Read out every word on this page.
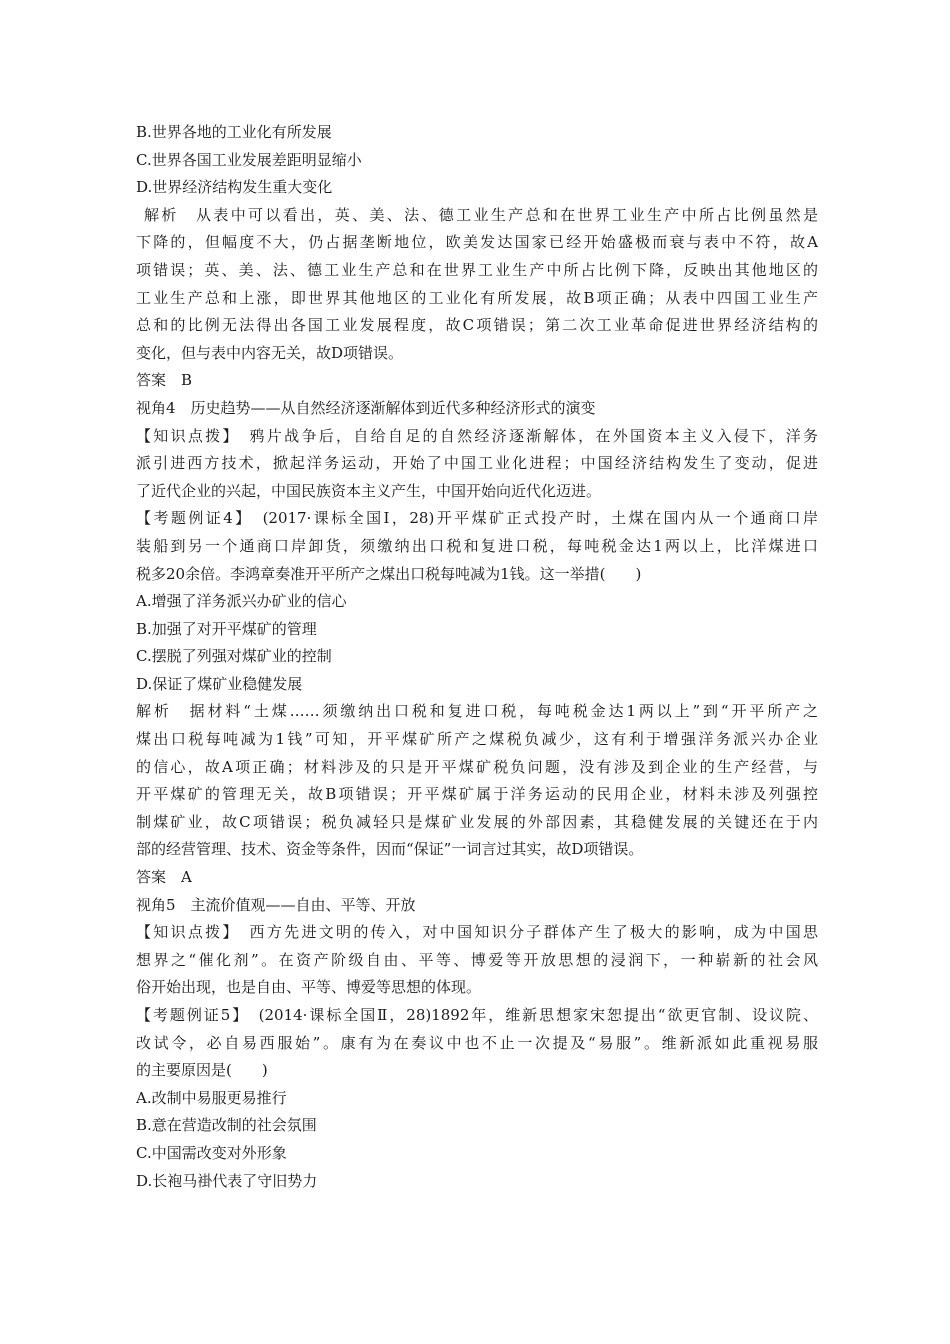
B.世界各地的工业化有所发展
C.世界各国工业发展差距明显缩小
D.世界经济结构发生重大变化
解析　从表中可以看出，英、美、法、德工业生产总和在世界工业生产中所占比例虽然是
下降的，但幅度不大，仍占据垄断地位，欧美发达国家已经开始盛极而衰与表中不符，故A
项错误；英、美、法、德工业生产总和在世界工业生产中所占比例下降，反映出其他地区的
工业生产总和上涨，即世界其他地区的工业化有所发展，故B项正确；从表中四国工业生产
总和的比例无法得出各国工业发展程度，故C项错误；第二次工业革命促进世界经济结构的
变化，但与表中内容无关，故D项错误。
答案　B
视角4　历史趋势——从自然经济逐渐解体到近代多种经济形式的演变
【知识点拨】　鸦片战争后，自给自足的自然经济逐渐解体，在外国资本主义入侵下，洋务
派引进西方技术，掀起洋务运动，开始了中国工业化进程；中国经济结构发生了变动，促进
了近代企业的兴起，中国民族资本主义产生，中国开始向近代化迈进。
【考题例证4】　(2017·课标全国Ⅰ，28)开平煤矿正式投产时，土煤在国内从一个通商口岸
装船到另一个通商口岸卸货，须缴纳出口税和复进口税，每吨税金达1两以上，比洋煤进口
税多20余倍。李鸿章奏准开平所产之煤出口税每吨减为1钱。这一举措(　　)
A.增强了洋务派兴办矿业的信心
B.加强了对开平煤矿的管理
C.摆脱了列强对煤矿业的控制
D.保证了煤矿业稳健发展
解析　据材料“土煤……须缴纳出口税和复进口税，每吨税金达1两以上”到“开平所产之
煤出口税每吨减为1钱”可知，开平煤矿所产之煤税负减少，这有利于增强洋务派兴办企业
的信心，故A项正确；材料涉及的只是开平煤矿税负问题，没有涉及到企业的生产经营，与
开平煤矿的管理无关，故B项错误；开平煤矿属于洋务运动的民用企业，材料未涉及列强控
制煤矿业，故C项错误；税负减轻只是煤矿业发展的外部因素，其稳健发展的关键还在于内
部的经营管理、技术、资金等条件，因而“保证”一词言过其实，故D项错误。
答案　A
视角5　主流价值观——自由、平等、开放
【知识点拨】　西方先进文明的传入，对中国知识分子群体产生了极大的影响，成为中国思
想界之“催化剂”。在资产阶级自由、平等、博爱等开放思想的浸润下，一种崭新的社会风
俗开始出现，也是自由、平等、博爱等思想的体现。
【考题例证5】　(2014·课标全国Ⅱ，28)1892年，维新思想家宋恕提出“欲更官制、设议院、
改试令，必自易西服始”。康有为在奏议中也不止一次提及“易服”。维新派如此重视易服
的主要原因是(　　)
A.改制中易服更易推行
B.意在营造改制的社会氛围
C.中国需改变对外形象
D.长袍马褂代表了守旧势力
